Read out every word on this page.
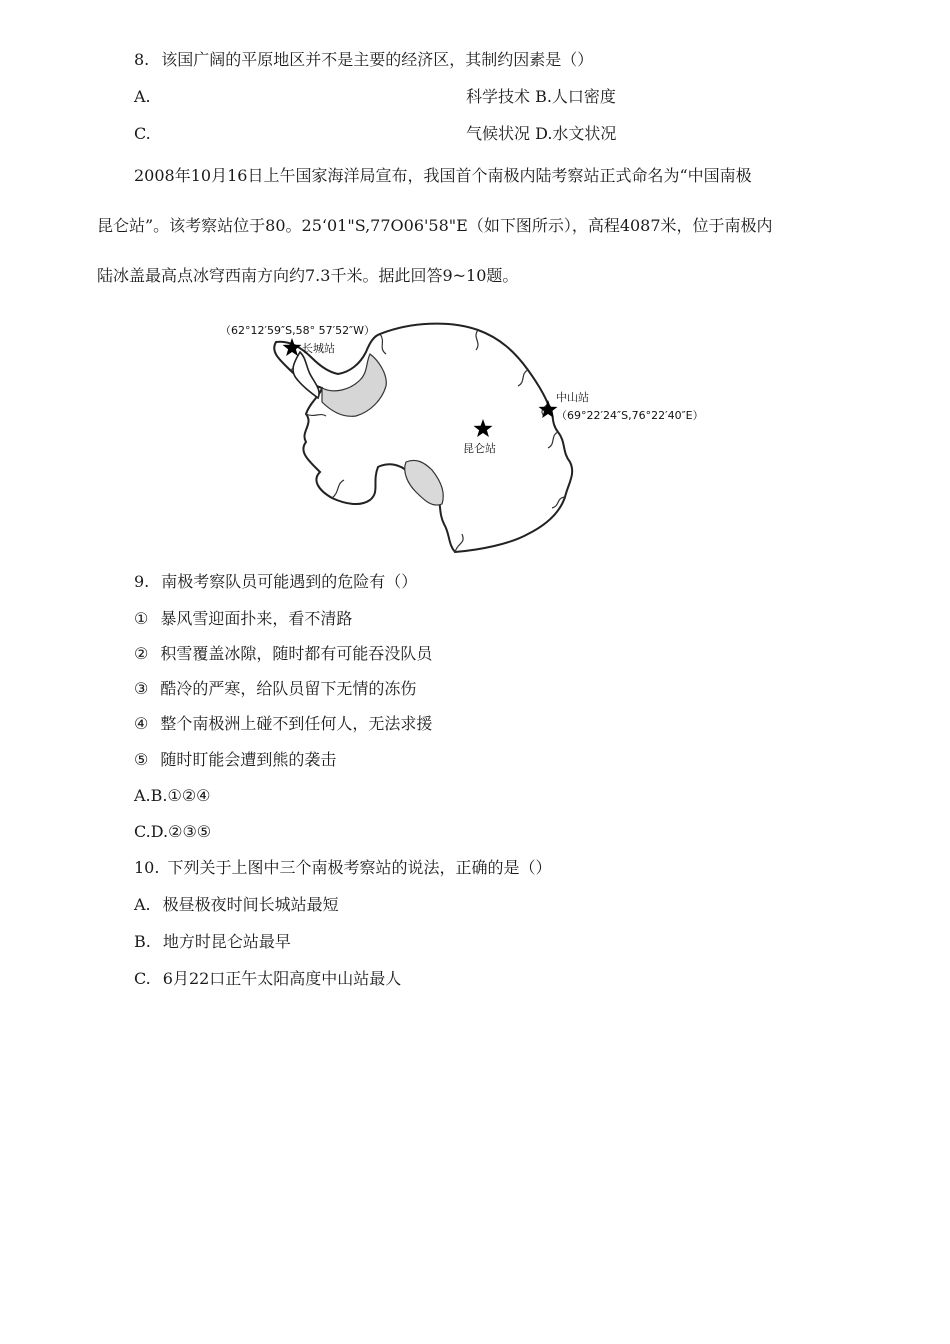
8. 该国广阔的平原地区并不是主要的经济区，其制约因素是（）
A.	科学技术 B.人口密度
C.	气候状况 D.水文状况
2008年10月16日上午国家海洋局宣布，我国首个南极内陆考察站正式命名为“中国南极
昆仑站”。该考察站位于80。25‘01"S,77O06'58"E（如下图所示），高程4087米，位于南极内
陆冰盖最高点冰穹西南方向约7.3千米。据此回答9~10题。
（62°12′59″S,58° 57′52″W）
长城站
中山站
（69°22′24″S,76°22′40″E）
昆仑站
9. 南极考察队员可能遇到的危险有（）
① 暴风雪迎面扑来，看不清路
② 积雪覆盖冰隙，随时都有可能吞没队员
③ 酷冷的严寒，给队员留下无情的冻伤
④ 整个南极洲上碰不到任何人，无法求援
⑤ 随时盯能会遭到熊的袭击
A.B.①②④
C.D.②③⑤
10. 下列关于上图中三个南极考察站的说法，正确的是（）
A. 极昼极夜时间长城站最短
B. 地方时昆仑站最早
C. 6月22口正午太阳高度中山站最人
